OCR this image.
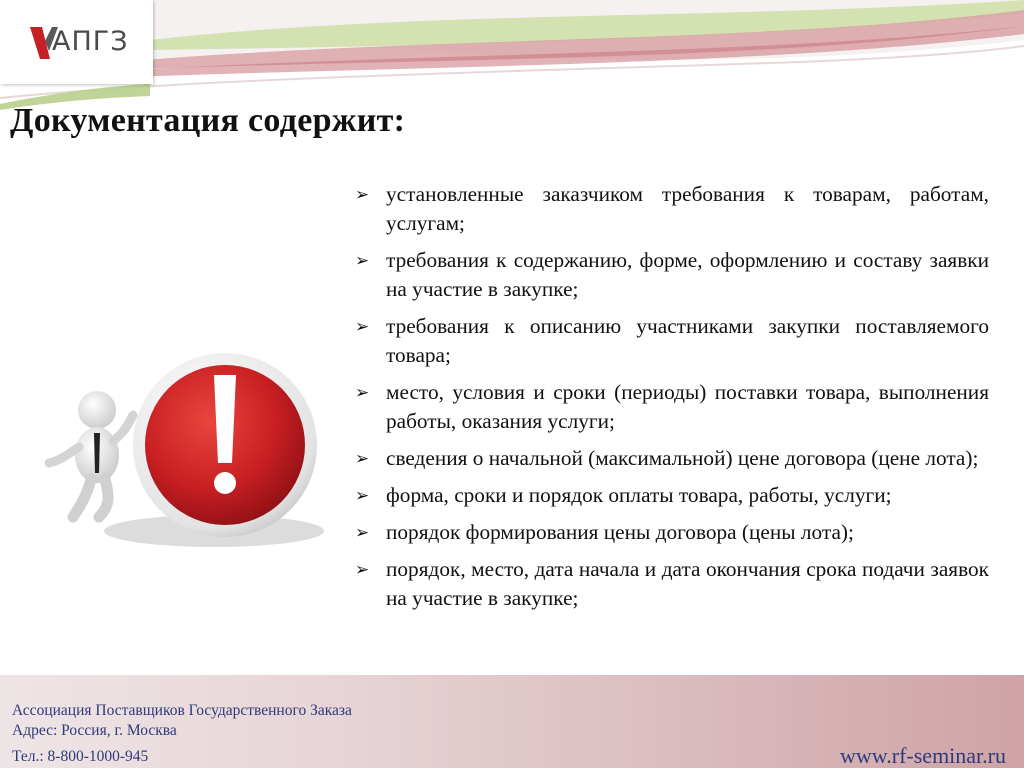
АПГЗ
Документация содержит:
➢ установленные заказчиком требования к товарам, работам, услугам;
➢ требования к содержанию, форме, оформлению и составу заявки на участие в закупке;
➢ требования к описанию участниками закупки поставляемого товара;
➢ место, условия и сроки (периоды) поставки товара, выполнения работы, оказания услуги;
➢ сведения о начальной (максимальной) цене договора (цене лота);
➢ форма, сроки и порядок оплаты товара, работы, услуги;
➢ порядок формирования цены договора (цены лота);
➢ порядок, место, дата начала и дата окончания срока подачи заявок на участие в закупке;
Ассоциация Поставщиков Государственного Заказа
Адрес: Россия, г. Москва
Тел.: 8-800-1000-945	www.rf-seminar.ru
